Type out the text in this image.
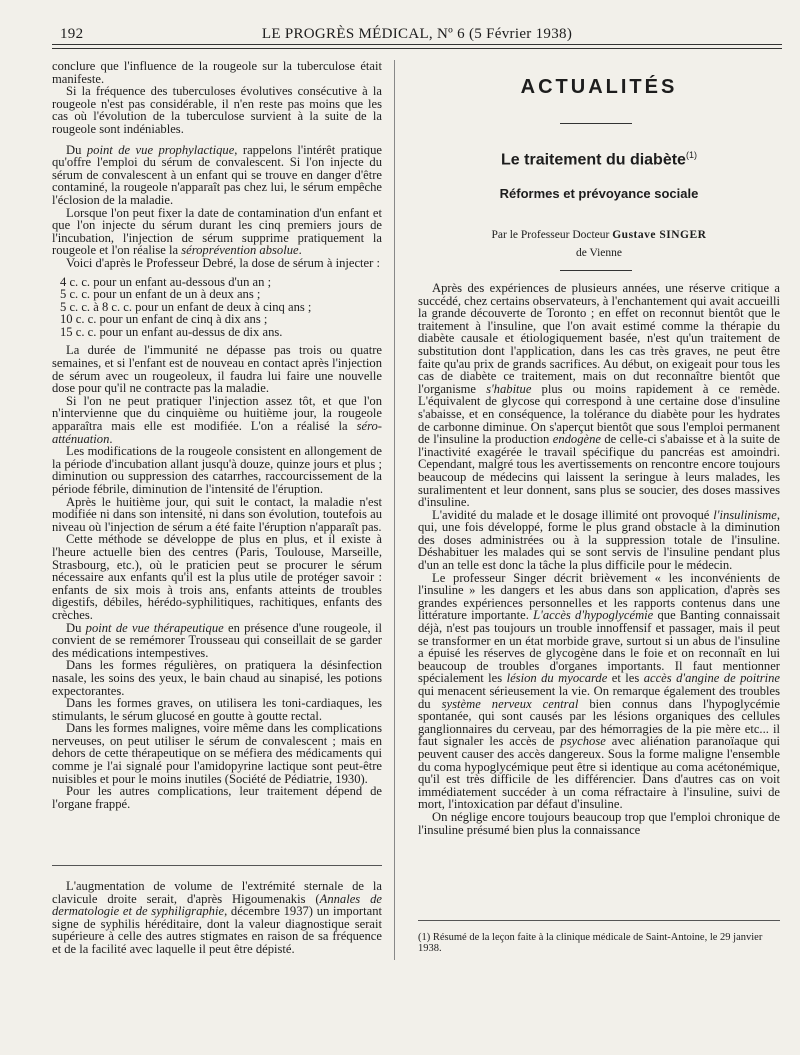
192	LE PROGRÈS MÉDICAL, Nº 6 (5 Février 1938)

conclure que l'influence de la rougeole sur la tuberculose était manifeste.

Si la fréquence des tuberculoses évolutives consécutive à la rougeole n'est pas considérable, il n'en reste pas moins que les cas où l'évolution de la tuberculose survient à la suite de la rougeole sont indéniables.

Du point de vue prophylactique, rappelons l'intérêt pratique qu'offre l'emploi du sérum de convalescent. Si l'on injecte du sérum de convalescent à un enfant qui se trouve en danger d'être contaminé, la rougeole n'apparaît pas chez lui, le sérum empêche l'éclosion de la maladie.

Lorsque l'on peut fixer la date de contamination d'un enfant et que l'on injecte du sérum durant les cinq premiers jours de l'incubation, l'injection de sérum supprime pratiquement la rougeole et l'on réalise la séroprévention absolue.

Voici d'après le Professeur Debré, la dose de sérum à injecter :

4 c. c. pour un enfant au-dessous d'un an ;

5 c. c. pour un enfant de un à deux ans ;

5 c. c. à 8 c. c. pour un enfant de deux à cinq ans ;

10 c. c. pour un enfant de cinq à dix ans ;

15 c. c. pour un enfant au-dessus de dix ans.

La durée de l'immunité ne dépasse pas trois ou quatre semaines, et si l'enfant est de nouveau en contact après l'injection de sérum avec un rougeoleux, il faudra lui faire une nouvelle dose pour qu'il ne contracte pas la maladie.

Si l'on ne peut pratiquer l'injection assez tôt, et que l'on n'intervienne que du cinquième ou huitième jour, la rougeole apparaîtra mais elle est modifiée. L'on a réalisé la séro-atténuation.

Les modifications de la rougeole consistent en allongement de la période d'incubation allant jusqu'à douze, quinze jours et plus ; diminution ou suppression des catarrhes, raccourcissement de la période fébrile, diminution de l'intensité de l'éruption.

Après le huitième jour, qui suit le contact, la maladie n'est modifiée ni dans son intensité, ni dans son évolution, toutefois au niveau où l'injection de sérum a été faite l'éruption n'apparaît pas.

Cette méthode se développe de plus en plus, et il existe à l'heure actuelle bien des centres (Paris, Toulouse, Marseille, Strasbourg, etc.), où le praticien peut se procurer le sérum nécessaire aux enfants qu'il est la plus utile de protéger savoir : enfants de six mois à trois ans, enfants atteints de troubles digestifs, débiles, hérédo-syphilitiques, rachitiques, enfants des crèches.

Du point de vue thérapeutique en présence d'une rougeole, il convient de se remémorer Trousseau qui conseillait de se garder des médications intempestives.

Dans les formes régulières, on pratiquera la désinfection nasale, les soins des yeux, le bain chaud au sinapisé, les potions expectorantes.

Dans les formes graves, on utilisera les toni-cardiaques, les stimulants, le sérum glucosé en goutte à goutte rectal.

Dans les formes malignes, voire même dans les complications nerveuses, on peut utiliser le sérum de convalescent ; mais en dehors de cette thérapeutique on se méfiera des médicaments qui comme je l'ai signalé pour l'amidopyrine lactique sont peut-être nuisibles et pour le moins inutiles (Société de Pédiatrie, 1930).

Pour les autres complications, leur traitement dépend de l'organe frappé.

L'augmentation de volume de l'extrémité sternale de la clavicule droite serait, d'après Higoumenakis (Annales de dermatologie et de syphiligraphie, décembre 1937) un important signe de syphilis héréditaire, dont la valeur diagnostique serait supérieure à celle des autres stigmates en raison de sa fréquence et de la facilité avec laquelle il peut être dépisté.

ACTUALITÉS
Le traitement du diabète$^{(1)}$
Réformes et prévoyance sociale
Par le Professeur Docteur Gustave SINGER
de Vienne

Après des expériences de plusieurs années, une réserve critique a succédé, chez certains observateurs, à l'enchantement qui avait accueilli la grande découverte de Toronto ; en effet on reconnut bientôt que le traitement à l'insuline, que l'on avait estimé comme la thérapie du diabète causale et étiologiquement basée, n'est qu'un traitement de substitution dont l'application, dans les cas très graves, ne peut être faite qu'au prix de grands sacrifices. Au début, on exigeait pour tous les cas de diabète ce traitement, mais on dut reconnaître bientôt que l'organisme s'habitue plus ou moins rapidement à ce remède. L'équivalent de glycose qui correspond à une certaine dose d'insuline s'abaisse, et en conséquence, la tolérance du diabète pour les hydrates de carbonne diminue. On s'aperçut bientôt que sous l'emploi permanent de l'insuline la production endogène de celle-ci s'abaisse et à la suite de l'inactivité exagérée le travail spécifique du pancréas est amoindri. Cependant, malgré tous les avertissements on rencontre encore toujours beaucoup de médecins qui laissent la seringue à leurs malades, les suralimentent et leur donnent, sans plus se soucier, des doses massives d'insuline.

L'avidité du malade et le dosage illimité ont provoqué l'insulinisme, qui, une fois développé, forme le plus grand obstacle à la diminution des doses administrées ou à la suppression totale de l'insuline. Déshabituer les malades qui se sont servis de l'insuline pendant plus d'un an telle est donc la tâche la plus difficile pour le médecin.

Le professeur Singer décrit brièvement « les inconvénients de l'insuline » les dangers et les abus dans son application, d'après ses grandes expériences personnelles et les rapports contenus dans une littérature importante. L'accès d'hypoglycémie que Banting connaissait déjà, n'est pas toujours un trouble innoffensif et passager, mais il peut se transformer en un état morbide grave, surtout si un abus de l'insuline a épuisé les réserves de glycogène dans le foie et on reconnaît en lui beaucoup de troubles d'organes importants. Il faut mentionner spécialement les lésion du myocarde et les accès d'angine de poitrine qui menacent sérieusement la vie. On remarque également des troubles du système nerveux central bien connus dans l'hypoglycémie spontanée, qui sont causés par les lésions organiques des cellules ganglionnaires du cerveau, par des hémorragies de la pie mère etc... il faut signaler les accès de psychose avec aliénation paranoïaque qui peuvent causer des accès dangereux. Sous la forme maligne l'ensemble du coma hypoglycémique peut être si identique au coma acétonémique, qu'il est très difficile de les différencier. Dans d'autres cas on voit immédiatement succéder à un coma réfractaire à l'insuline, suivi de mort, l'intoxication par défaut d'insuline.

On néglige encore toujours beaucoup trop que l'emploi chronique de l'insuline présumé bien plus la connaissance

(1) Résumé de la leçon faite à la clinique médicale de Saint-Antoine, le 29 janvier 1938.
